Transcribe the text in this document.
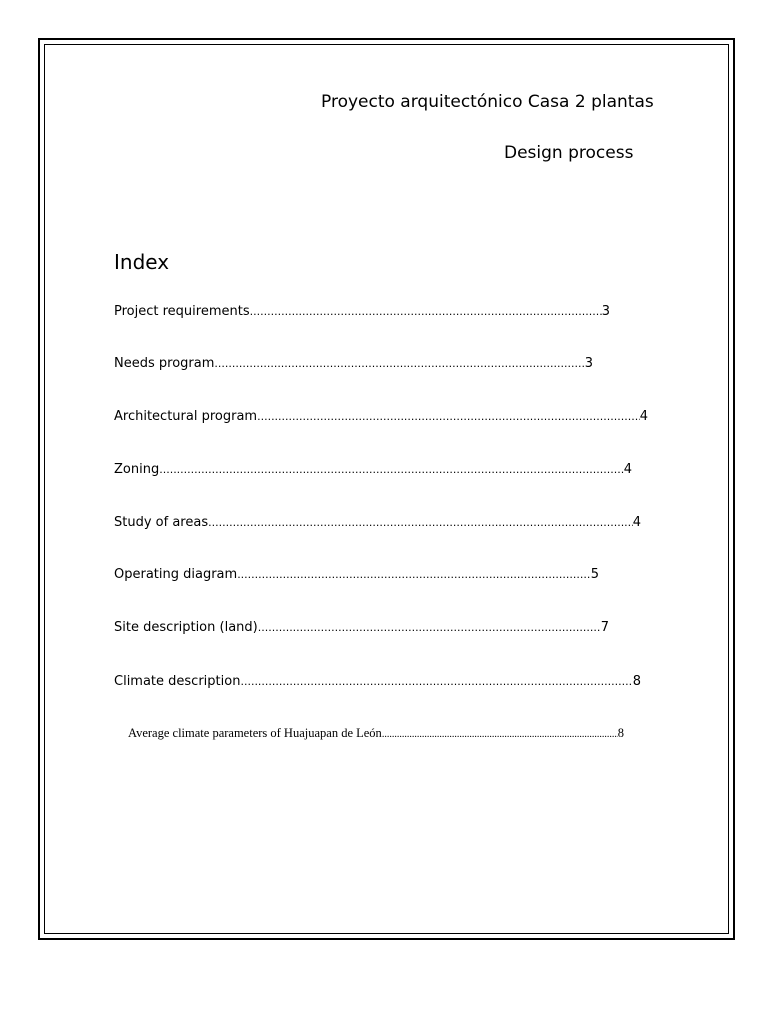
Proyecto arquitectónico Casa 2 plantas
Design process
Index
Project requirements .....	3
Needs program .....	3
Architectural program .....	4
Zoning .....	4
Study of areas .....	4
Operating diagram .....	5
Site description (land) .....	7
Climate description .....	8
Average climate parameters of Huajuapan de León .....	8
